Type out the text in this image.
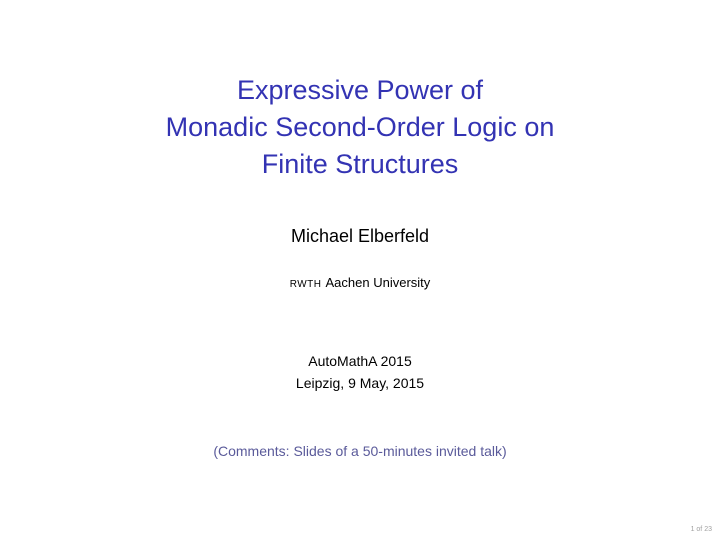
Expressive Power of
Monadic Second-Order Logic on
Finite Structures
Michael Elberfeld
RWTH Aachen University
AutoMathA 2015
Leipzig, 9 May, 2015
(Comments: Slides of a 50-minutes invited talk)
1 of 23
